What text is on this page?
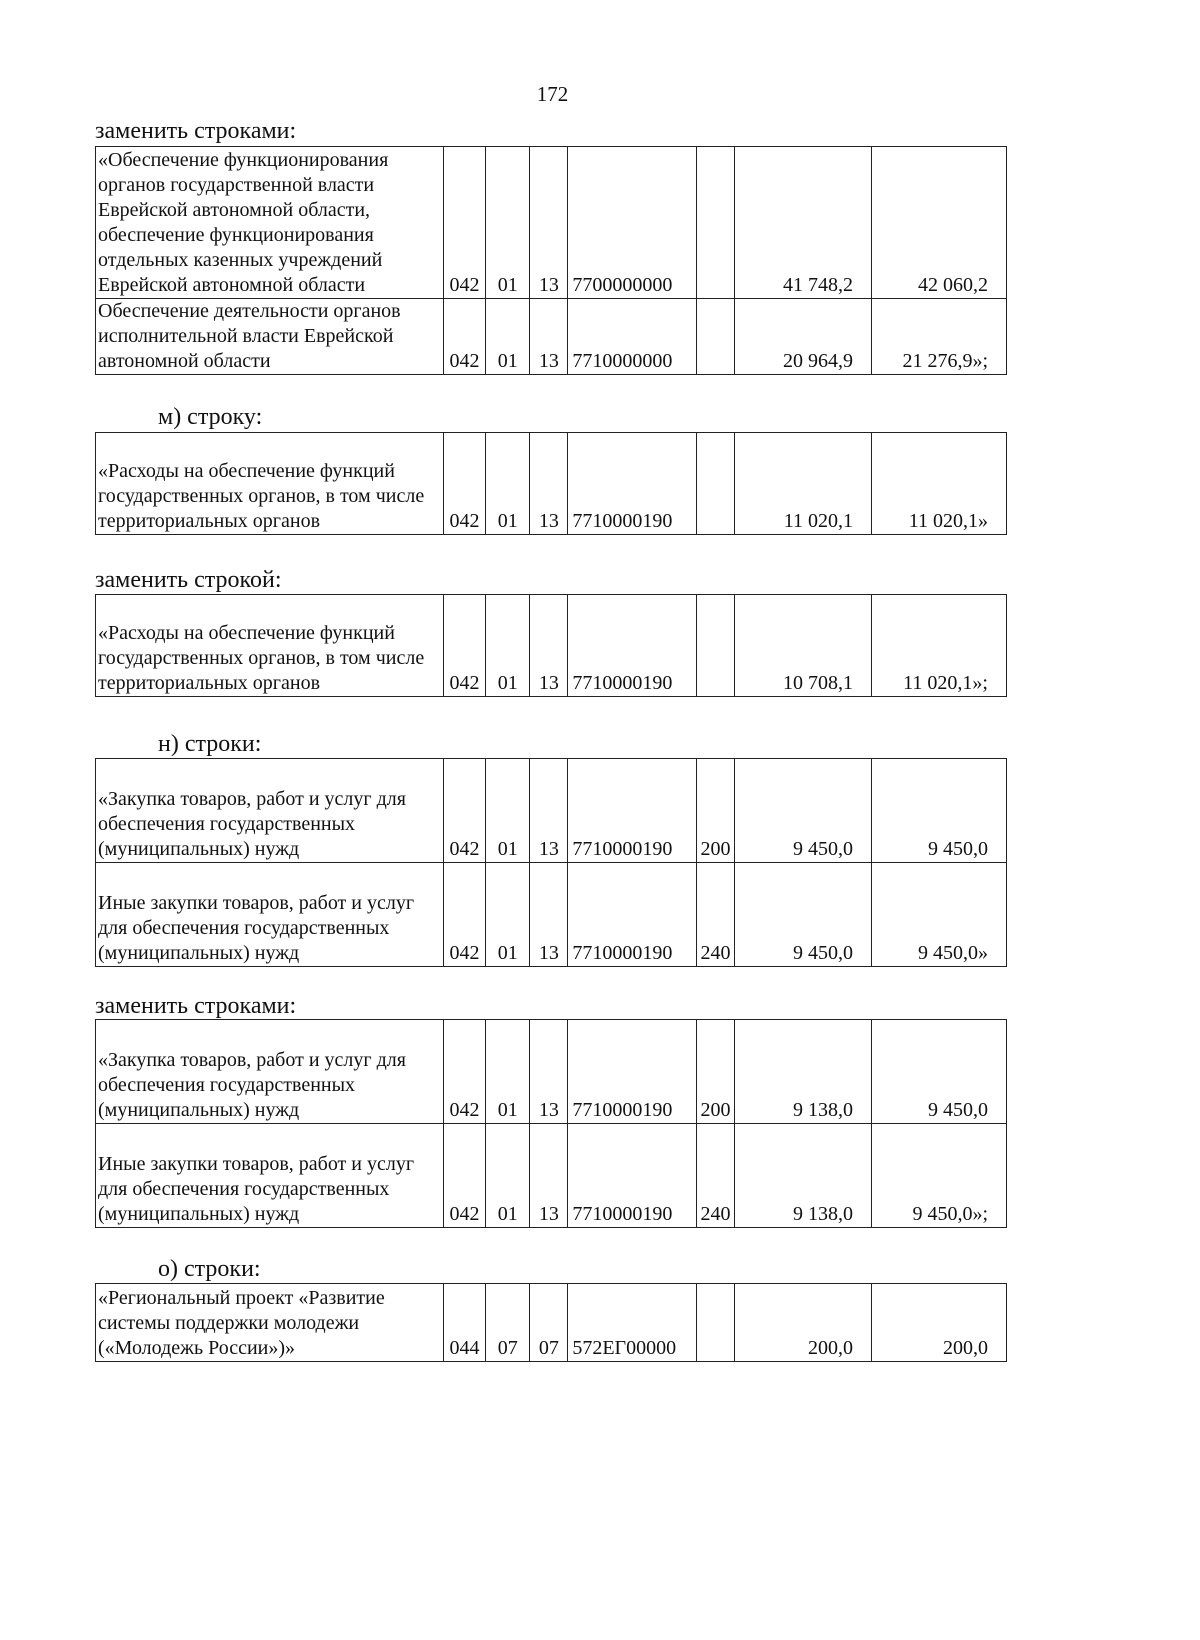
172
заменить строками:
«Обеспечение функционирования органов государственной власти Еврейской автономной области, обеспечение функционирования отдельных казенных учреждений Еврейской автономной области	042	01	13	7700000000		41 748,2	42 060,2
Обеспечение деятельности органов исполнительной власти Еврейской автономной области	042	01	13	7710000000		20 964,9	21 276,9»;
м) строку:
«Расходы на обеспечение функций государственных органов, в том числе территориальных органов	042	01	13	7710000190		11 020,1	11 020,1»
заменить строкой:
«Расходы на обеспечение функций государственных органов, в том числе территориальных органов	042	01	13	7710000190		10 708,1	11 020,1»;
н) строки:
«Закупка товаров, работ и услуг для обеспечения государственных (муниципальных) нужд	042	01	13	7710000190	200	9 450,0	9 450,0
Иные закупки товаров, работ и услуг для обеспечения государственных (муниципальных) нужд	042	01	13	7710000190	240	9 450,0	9 450,0»
заменить строками:
«Закупка товаров, работ и услуг для обеспечения государственных (муниципальных) нужд	042	01	13	7710000190	200	9 138,0	9 450,0
Иные закупки товаров, работ и услуг для обеспечения государственных (муниципальных) нужд	042	01	13	7710000190	240	9 138,0	9 450,0»;
о) строки:
«Региональный проект «Развитие системы поддержки молодежи («Молодежь России»)»	044	07	07	572ЕГ00000		200,0	200,0
